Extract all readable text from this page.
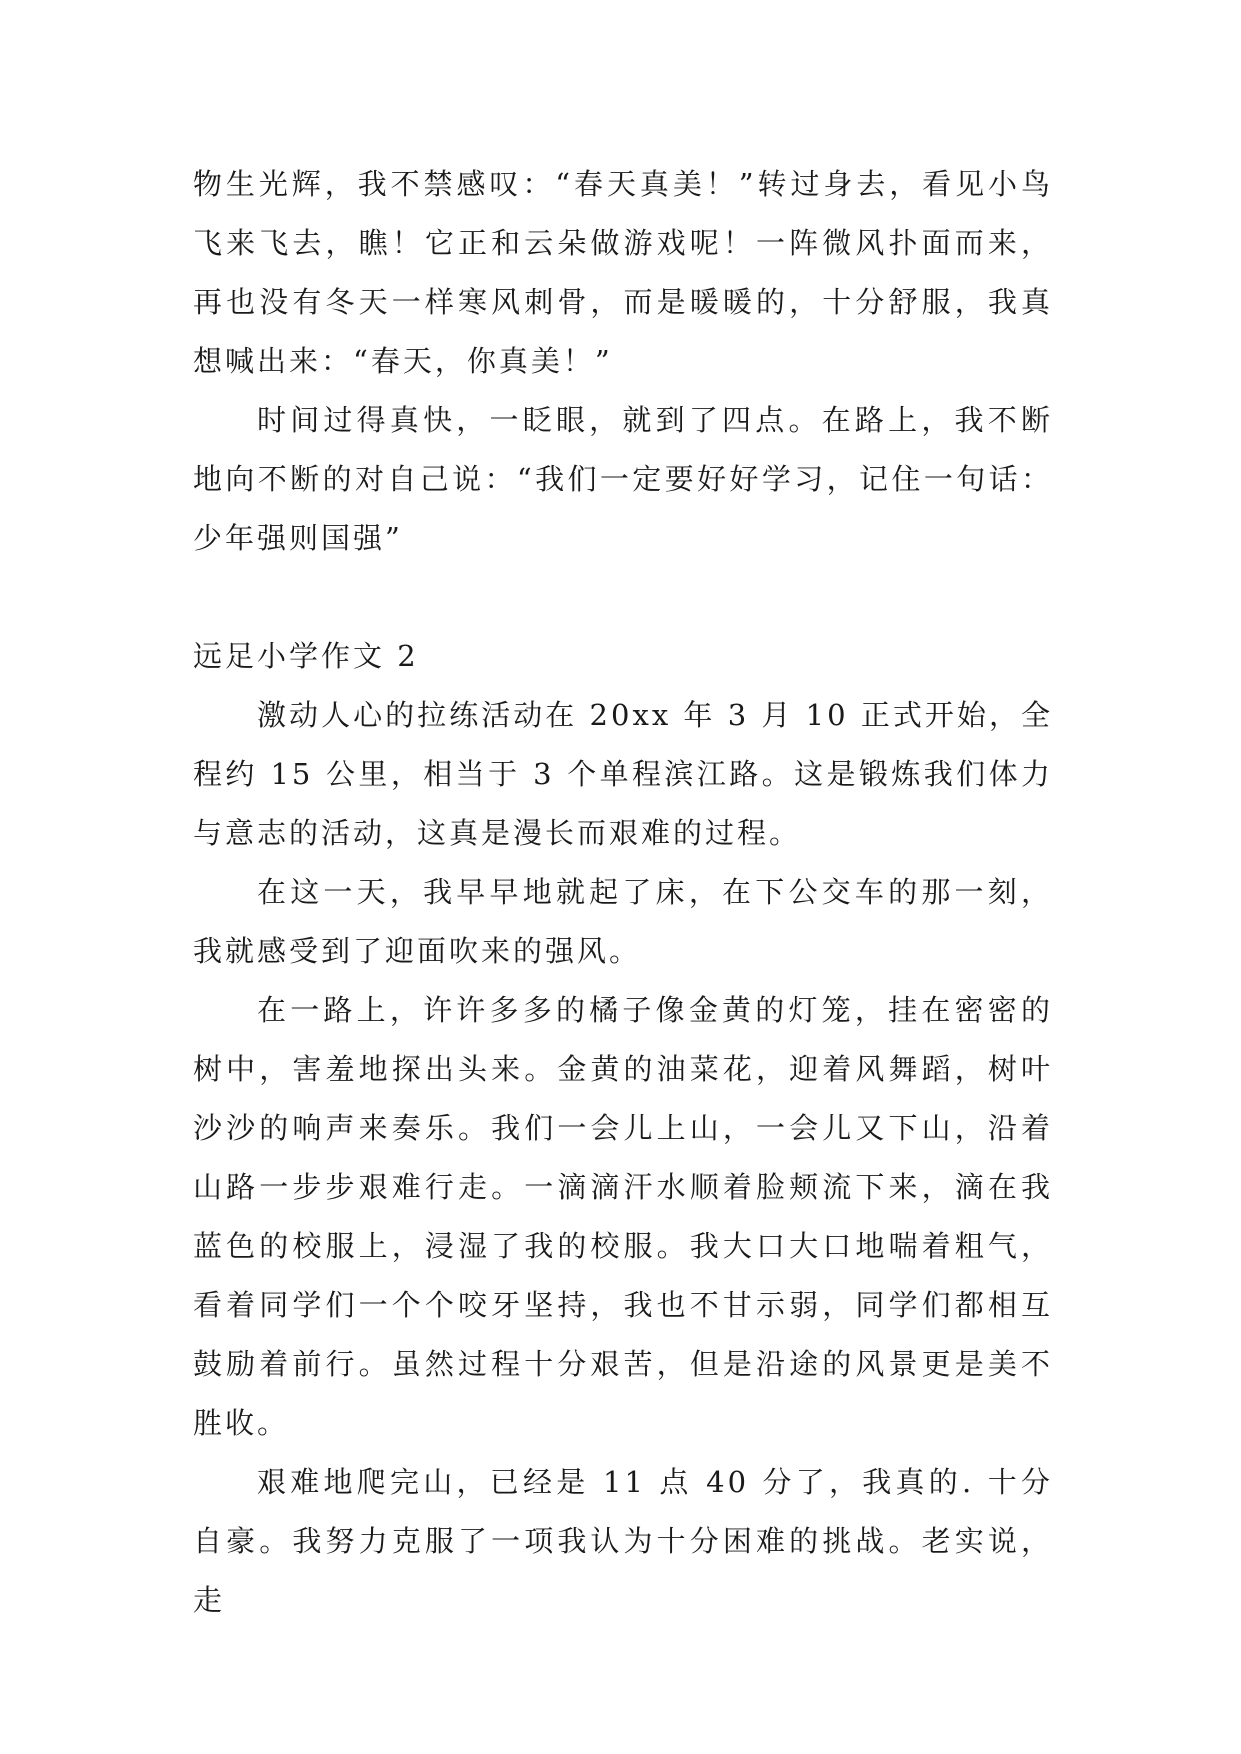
物生光辉，我不禁感叹：“春天真美！”转过身去，看见小鸟飞来飞去，瞧！它正和云朵做游戏呢！一阵微风扑面而来，再也没有冬天一样寒风刺骨，而是暖暖的，十分舒服，我真想喊出来：“春天，你真美！”

时间过得真快，一眨眼，就到了四点。在路上，我不断地向不断的对自己说：“我们一定要好好学习，记住一句话：少年强则国强”

远足小学作文 2

激动人心的拉练活动在 20xx 年 3 月 10 正式开始，全程约 15 公里，相当于 3 个单程滨江路。这是锻炼我们体力与意志的活动，这真是漫长而艰难的过程。

在这一天，我早早地就起了床，在下公交车的那一刻，我就感受到了迎面吹来的强风。

在一路上，许许多多的橘子像金黄的灯笼，挂在密密的树中，害羞地探出头来。金黄的油菜花，迎着风舞蹈，树叶沙沙的响声来奏乐。我们一会儿上山，一会儿又下山，沿着山路一步步艰难行走。一滴滴汗水顺着脸颊流下来，滴在我蓝色的校服上，浸湿了我的校服。我大口大口地喘着粗气，看着同学们一个个咬牙坚持，我也不甘示弱，同学们都相互鼓励着前行。虽然过程十分艰苦，但是沿途的风景更是美不胜收。

艰难地爬完山，已经是 11 点 40 分了，我真的. 十分自豪。我努力克服了一项我认为十分困难的挑战。老实说，走
